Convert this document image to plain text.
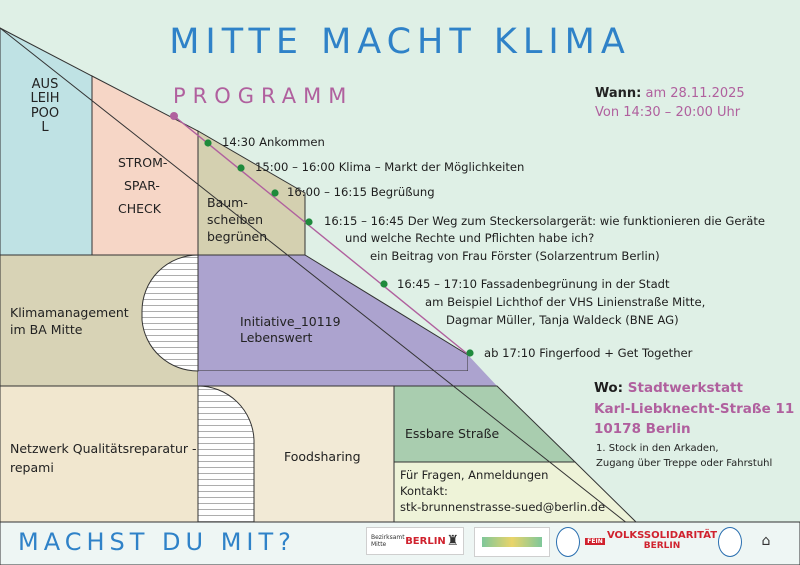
MITTE MACHT KLIMA
PROGRAMM
AUSLEIHPOOL
STROM-
SPAR-
CHECK	Baum-
scheiben
begrünen
Klimamanagement
im BA Mitte
Initiative_10119
Lebenswert
Netzwerk Qualitätsreparatur -
repami
Foodsharing
Essbare Straße
14:30 Ankommen
15:00 – 16:00 Klima – Markt der Möglichkeiten
16:00 – 16:15 Begrüßung
16:15 – 16:45 Der Weg zum Steckersolargerät: wie funktionieren die Geräte
und welche Rechte und Pflichten habe ich?
ein Beitrag von Frau Förster (Solarzentrum Berlin)
16:45 – 17:10 Fassadenbegrünung in der Stadt
am Beispiel Lichthof der VHS Linienstraße Mitte,
Dagmar Müller, Tanja Waldeck (BNE AG)
ab 17:10 Fingerfood + Get Together
Wann: am 28.11.2025
Von 14:30 – 20:00 Uhr
Wo: Stadtwerkstatt
Karl-Liebknecht-Straße 11
10178 Berlin
1. Stock in den Arkaden,
Zugang über Treppe oder Fahrstuhl
Für Fragen, Anmeldungen
Kontakt:
stk-brunnenstrasse-sued@berlin.de
MACHST DU MIT?	Bezirksamt
Mitte	BERLIN ♜	FEIN VOLKSSOLIDARITÄT
BERLIN	⌂
